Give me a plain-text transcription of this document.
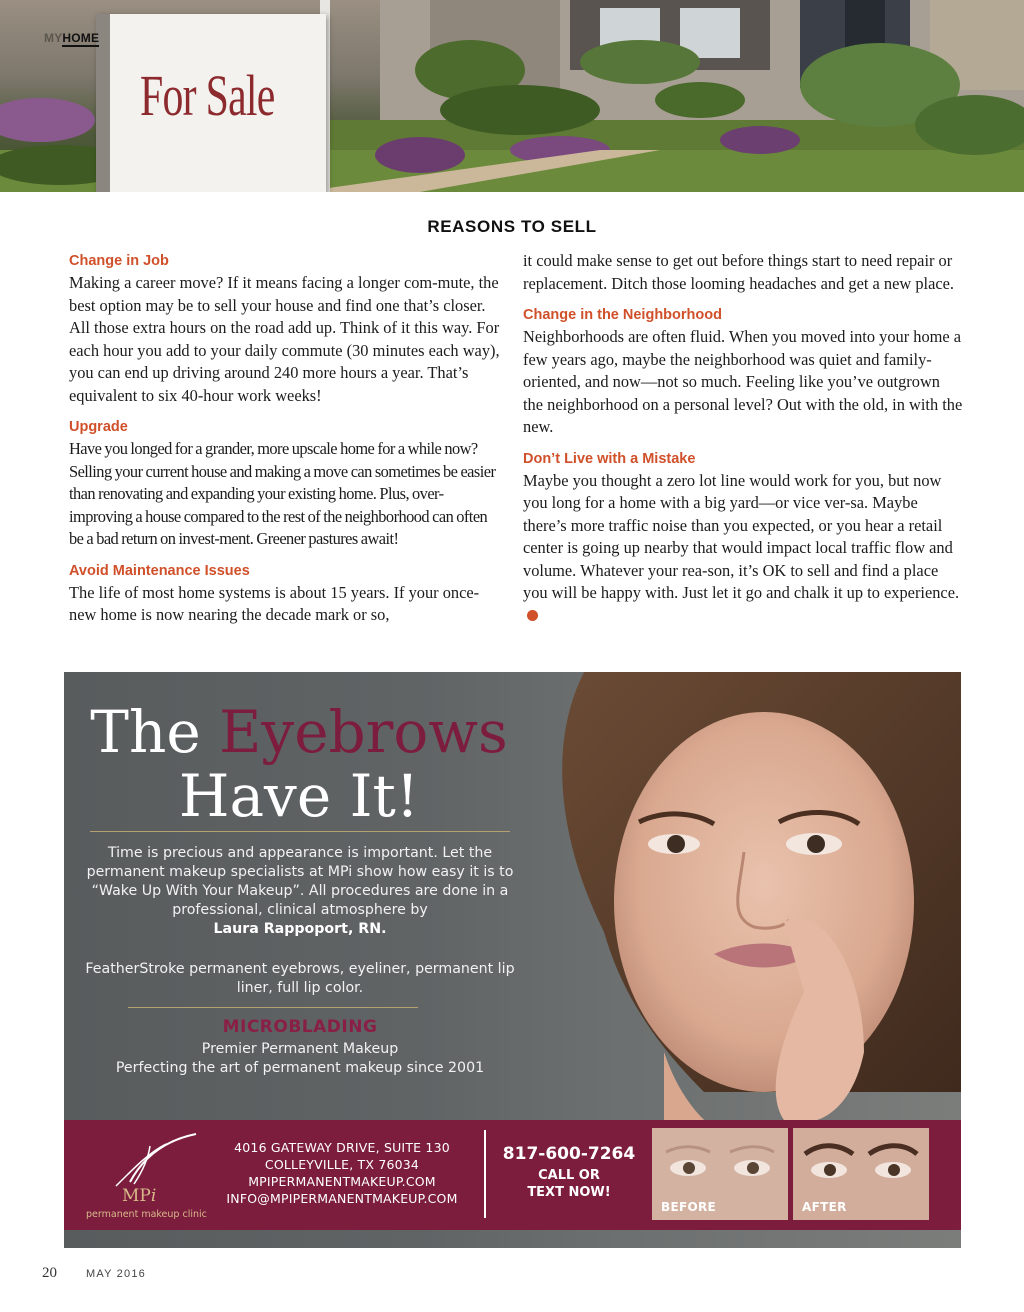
For Sale
MYHOME
REASONS TO SELL
Change in Job

Making a career move? If it means facing a longer com-mute, the best option may be to sell your house and find one that’s closer. All those extra hours on the road add up. Think of it this way. For each hour you add to your daily commute (30 minutes each way), you can end up driving around 240 more hours a year. That’s equivalent to six 40-hour work weeks!

Upgrade

Have you longed for a grander, more upscale home for a while now? Selling your current house and making a move can sometimes be easier than renovating and expanding your existing home. Plus, over-improving a house compared to the rest of the neighborhood can often be a bad return on invest-ment. Greener pastures await!

Avoid Maintenance Issues

The life of most home systems is about 15 years. If your once-new home is now nearing the decade mark or so,

it could make sense to get out before things start to need repair or replacement. Ditch those looming headaches and get a new place.

Change in the Neighborhood

Neighborhoods are often fluid. When you moved into your home a few years ago, maybe the neighborhood was quiet and family-oriented, and now—not so much. Feeling like you’ve outgrown the neighborhood on a personal level? Out with the old, in with the new.

Don’t Live with a Mistake

Maybe you thought a zero lot line would work for you, but now you long for a home with a big yard—or vice ver-sa. Maybe there’s more traffic noise than you expected, or you hear a retail center is going up nearby that would impact local traffic flow and volume. Whatever your rea-son, it’s OK to sell and find a place you will be happy with. Just let it go and chalk it up to experience.

The Eyebrows
Have It!
Time is precious and appearance is important. Let the permanent makeup specialists at MPi show how easy it is to “Wake Up With Your Makeup”. All procedures are done in a professional, clinical atmosphere by
Laura Rappoport, RN.
FeatherStroke permanent eyebrows, eyeliner, permanent lip liner, full lip color.
MICROBLADING
Premier Permanent Makeup
Perfecting the art of permanent makeup since 2001
MPi
permanent makeup clinic
4016 GATEWAY DRIVE, SUITE 130
COLLEYVILLE, TX 76034
MPIPERMANENTMAKEUP.COM
INFO@MPIPERMANENTMAKEUP.COM
817-600-7264
CALL OR
TEXT NOW!
BEFORE	AFTER
20	MAY 2016
